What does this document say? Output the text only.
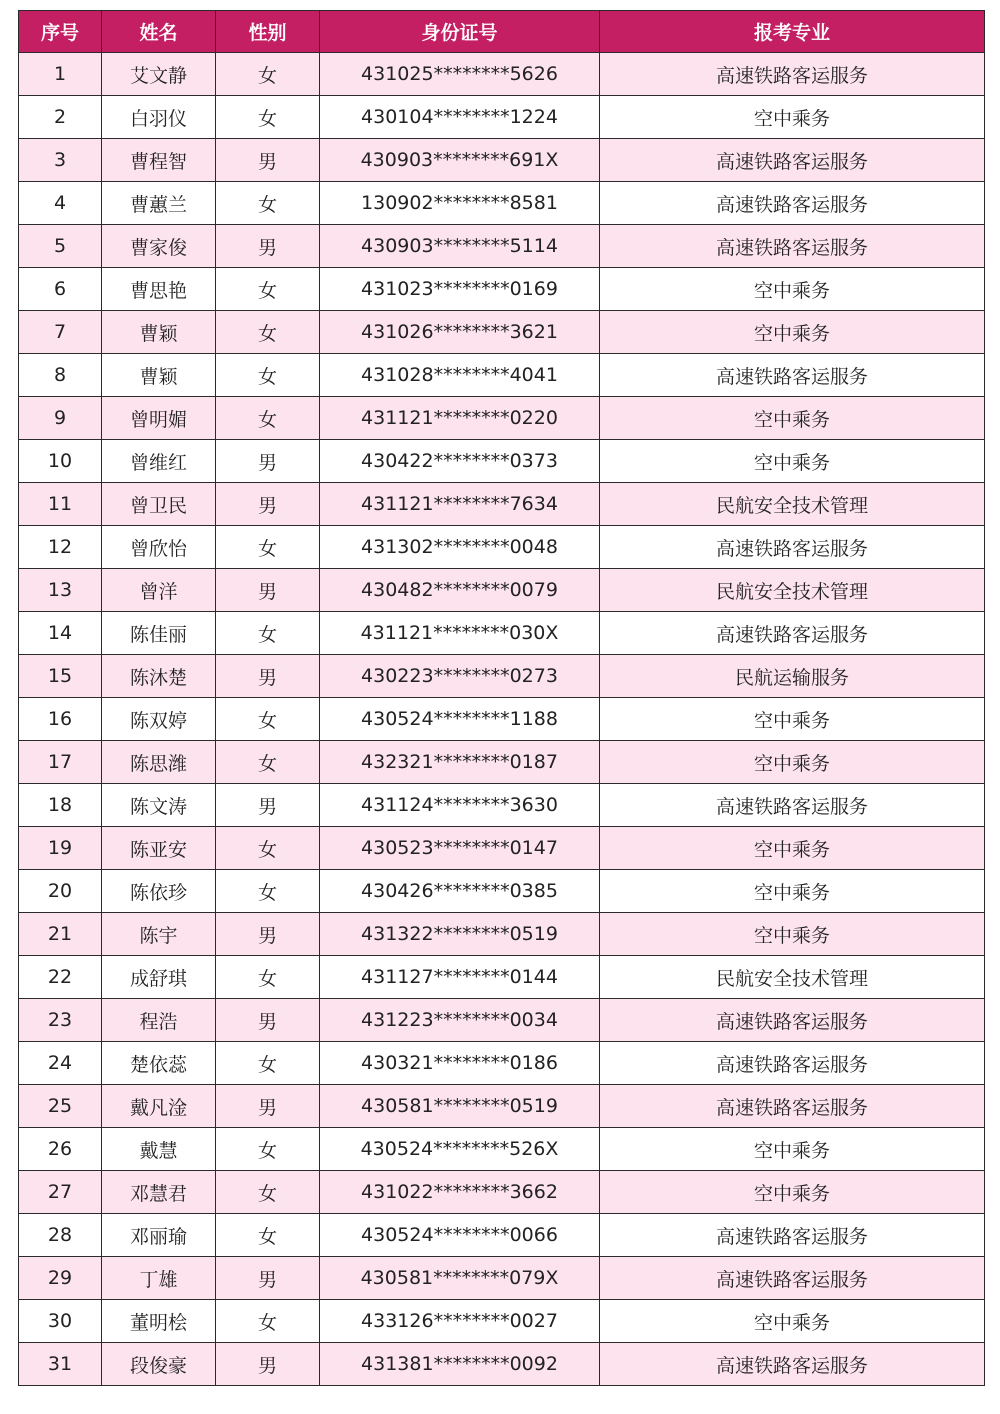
序号	姓名	性别	身份证号	报考专业
1	艾文静	女	431025********5626	高速铁路客运服务
2	白羽仪	女	430104********1224	空中乘务
3	曹程智	男	430903********691X	高速铁路客运服务
4	曹蕙兰	女	130902********8581	高速铁路客运服务
5	曹家俊	男	430903********5114	高速铁路客运服务
6	曹思艳	女	431023********0169	空中乘务
7	曹颖	女	431026********3621	空中乘务
8	曹颖	女	431028********4041	高速铁路客运服务
9	曾明媚	女	431121********0220	空中乘务
10	曾维红	男	430422********0373	空中乘务
11	曾卫民	男	431121********7634	民航安全技术管理
12	曾欣怡	女	431302********0048	高速铁路客运服务
13	曾洋	男	430482********0079	民航安全技术管理
14	陈佳丽	女	431121********030X	高速铁路客运服务
15	陈沐楚	男	430223********0273	民航运输服务
16	陈双婷	女	430524********1188	空中乘务
17	陈思潍	女	432321********0187	空中乘务
18	陈文涛	男	431124********3630	高速铁路客运服务
19	陈亚安	女	430523********0147	空中乘务
20	陈依珍	女	430426********0385	空中乘务
21	陈宇	男	431322********0519	空中乘务
22	成舒琪	女	431127********0144	民航安全技术管理
23	程浩	男	431223********0034	高速铁路客运服务
24	楚依蕊	女	430321********0186	高速铁路客运服务
25	戴凡淦	男	430581********0519	高速铁路客运服务
26	戴慧	女	430524********526X	空中乘务
27	邓慧君	女	431022********3662	空中乘务
28	邓丽瑜	女	430524********0066	高速铁路客运服务
29	丁雄	男	430581********079X	高速铁路客运服务
30	董明桧	女	433126********0027	空中乘务
31	段俊豪	男	431381********0092	高速铁路客运服务
